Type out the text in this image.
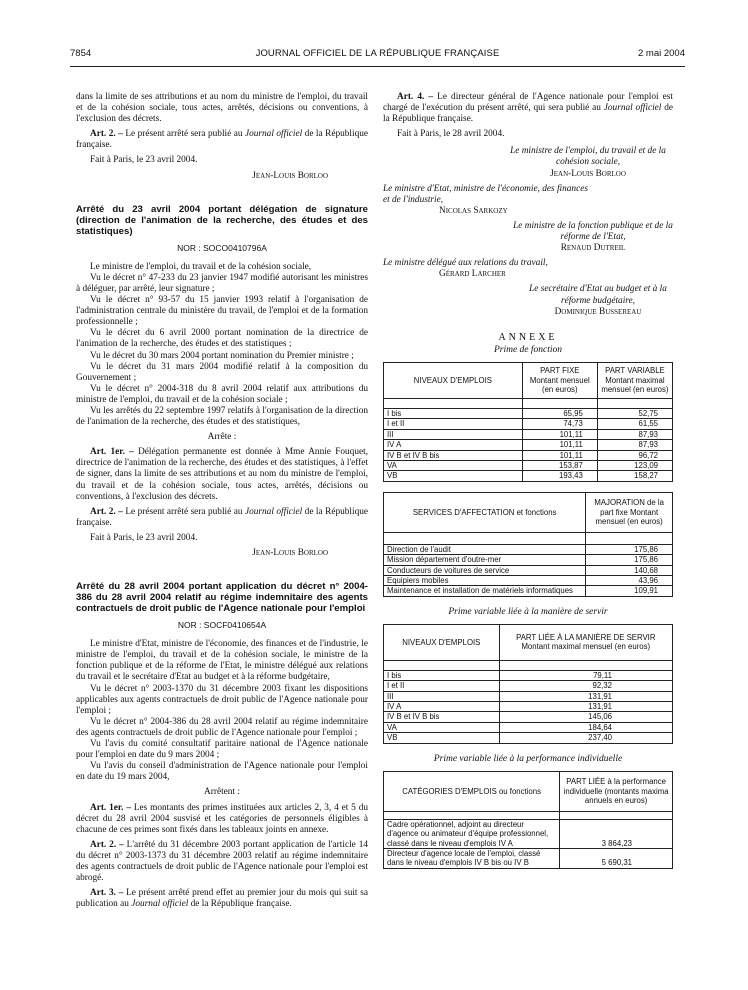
7854	JOURNAL OFFICIEL DE LA RÉPUBLIQUE FRANÇAISE	2 mai 2004

dans la limite de ses attributions et au nom du ministre de l'emploi, du travail et de la cohésion sociale, tous actes, arrêtés, décisions ou conventions, à l'exclusion des décrets.

Art. 2. – Le présent arrêté sera publié au Journal officiel de la République française.

Fait à Paris, le 23 avril 2004.

Jean-Louis Borloo

Arrêté du 23 avril 2004 portant délégation de signature (direction de l'animation de la recherche, des études et des statistiques)
NOR : SOCO0410796A

Le ministre de l'emploi, du travail et de la cohésion sociale,

Vu le décret n° 47-233 du 23 janvier 1947 modifié autorisant les ministres à déléguer, par arrêté, leur signature ;

Vu le décret n° 93-57 du 15 janvier 1993 relatif à l'organisation de l'administration centrale du ministère du travail, de l'emploi et de la formation professionnelle ;

Vu le décret du 6 avril 2000 portant nomination de la directrice de l'animation de la recherche, des études et des statistiques ;

Vu le décret du 30 mars 2004 portant nomination du Premier ministre ;

Vu le décret du 31 mars 2004 modifié relatif à la composition du Gouvernement ;

Vu le décret n° 2004-318 du 8 avril 2004 relatif aux attributions du ministre de l'emploi, du travail et de la cohésion sociale ;

Vu les arrêtés du 22 septembre 1997 relatifs à l'organisation de la direction de l'animation de la recherche, des études et des statistiques,

Arrête :

Art. 1er. – Délégation permanente est donnée à Mme Annie Fouquet, directrice de l'animation de la recherche, des études et des statistiques, à l'effet de signer, dans la limite de ses attributions et au nom du ministre de l'emploi, du travail et de la cohésion sociale, tous actes, arrêtés, décisions ou conventions, à l'exclusion des décrets.

Art. 2. – Le présent arrêté sera publié au Journal officiel de la République française.

Fait à Paris, le 23 avril 2004.

Jean-Louis Borloo

Arrêté du 28 avril 2004 portant application du décret n° 2004-386 du 28 avril 2004 relatif au régime indemnitaire des agents contractuels de droit public de l'Agence nationale pour l'emploi
NOR : SOCF0410654A

Le ministre d'Etat, ministre de l'économie, des finances et de l'industrie, le ministre de l'emploi, du travail et de la cohésion sociale, le ministre de la fonction publique et de la réforme de l'Etat, le ministre délégué aux relations du travail et le secrétaire d'Etat au budget et à la réforme budgétaire,

Vu le décret n° 2003-1370 du 31 décembre 2003 fixant les dispositions applicables aux agents contractuels de droit public de l'Agence nationale pour l'emploi ;

Vu le décret n° 2004-386 du 28 avril 2004 relatif au régime indemnitaire des agents contractuels de droit public de l'Agence nationale pour l'emploi ;

Vu l'avis du comité consultatif paritaire national de l'Agence nationale pour l'emploi en date du 9 mars 2004 ;

Vu l'avis du conseil d'administration de l'Agence nationale pour l'emploi en date du 19 mars 2004,

Arrêtent :

Art. 1er. – Les montants des primes instituées aux articles 2, 3, 4 et 5 du décret du 28 avril 2004 susvisé et les catégories de personnels éligibles à chacune de ces primes sont fixés dans les tableaux joints en annexe.

Art. 2. – L'arrêté du 31 décembre 2003 portant application de l'article 14 du décret n° 2003-1373 du 31 décembre 2003 relatif au régime indemnitaire des agents contractuels de droit public de l'Agence nationale pour l'emploi est abrogé.

Art. 3. – Le présent arrêté prend effet au premier jour du mois qui suit sa publication au Journal officiel de la République française.

Art. 4. – Le directeur général de l'Agence nationale pour l'emploi est chargé de l'exécution du présent arrêté, qui sera publié au Journal officiel de la République française.

Fait à Paris, le 28 avril 2004.

Le ministre de l'emploi, du travail et de la cohésion sociale,
Jean-Louis Borloo
Le ministre d'Etat, ministre de l'économie, des finances et de l'industrie,
Nicolas Sarkozy
Le ministre de la fonction publique et de la réforme de l'Etat,
Renaud Dutreil
Le ministre délégué aux relations du travail,
Gérard Larcher
Le secrétaire d'Etat au budget et à la réforme budgétaire,
Dominique Bussereau
ANNEXE
Prime de fonction
NIVEAUX D'EMPLOIS	PART FIXE Montant mensuel (en euros)	PART VARIABLE Montant maximal mensuel (en euros)

I bis	65,95	52,75
I et II	74,73	61,55
III	101,11	87,93
IV A	101,11	87,93
IV B et IV B bis	101,11	96,72
VA	153,87	123,09
VB	193,43	158,27
SERVICES D'AFFECTATION et fonctions	MAJORATION de la part fixe Montant mensuel (en euros)

Direction de l'audit	175,86
Mission département d'outre-mer	175,86
Conducteurs de voitures de service	140,68
Equipiers mobiles	43,96
Maintenance et installation de matériels informatiques	109,91
Prime variable liée à la manière de servir
NIVEAUX D'EMPLOIS	PART LIÉE À LA MANIÈRE DE SERVIR Montant maximal mensuel (en euros)

I bis	79,11
I et II	92,32
III	131,91
IV A	131,91
IV B et IV B bis	145,06
VA	184,64
VB	237,40
Prime variable liée à la performance individuelle
CATÉGORIES D'EMPLOIS ou fonctions	PART LIÉE à la performance individuelle (montants maxima annuels en euros)

Cadre opérationnel, adjoint au directeur d'agence ou animateur d'équipe professionnel, classé dans le niveau d'emplois IV A	3 864,23
Directeur d'agence locale de l'emploi, classé dans le niveau d'emplois IV B bis ou IV B	5 690,31
